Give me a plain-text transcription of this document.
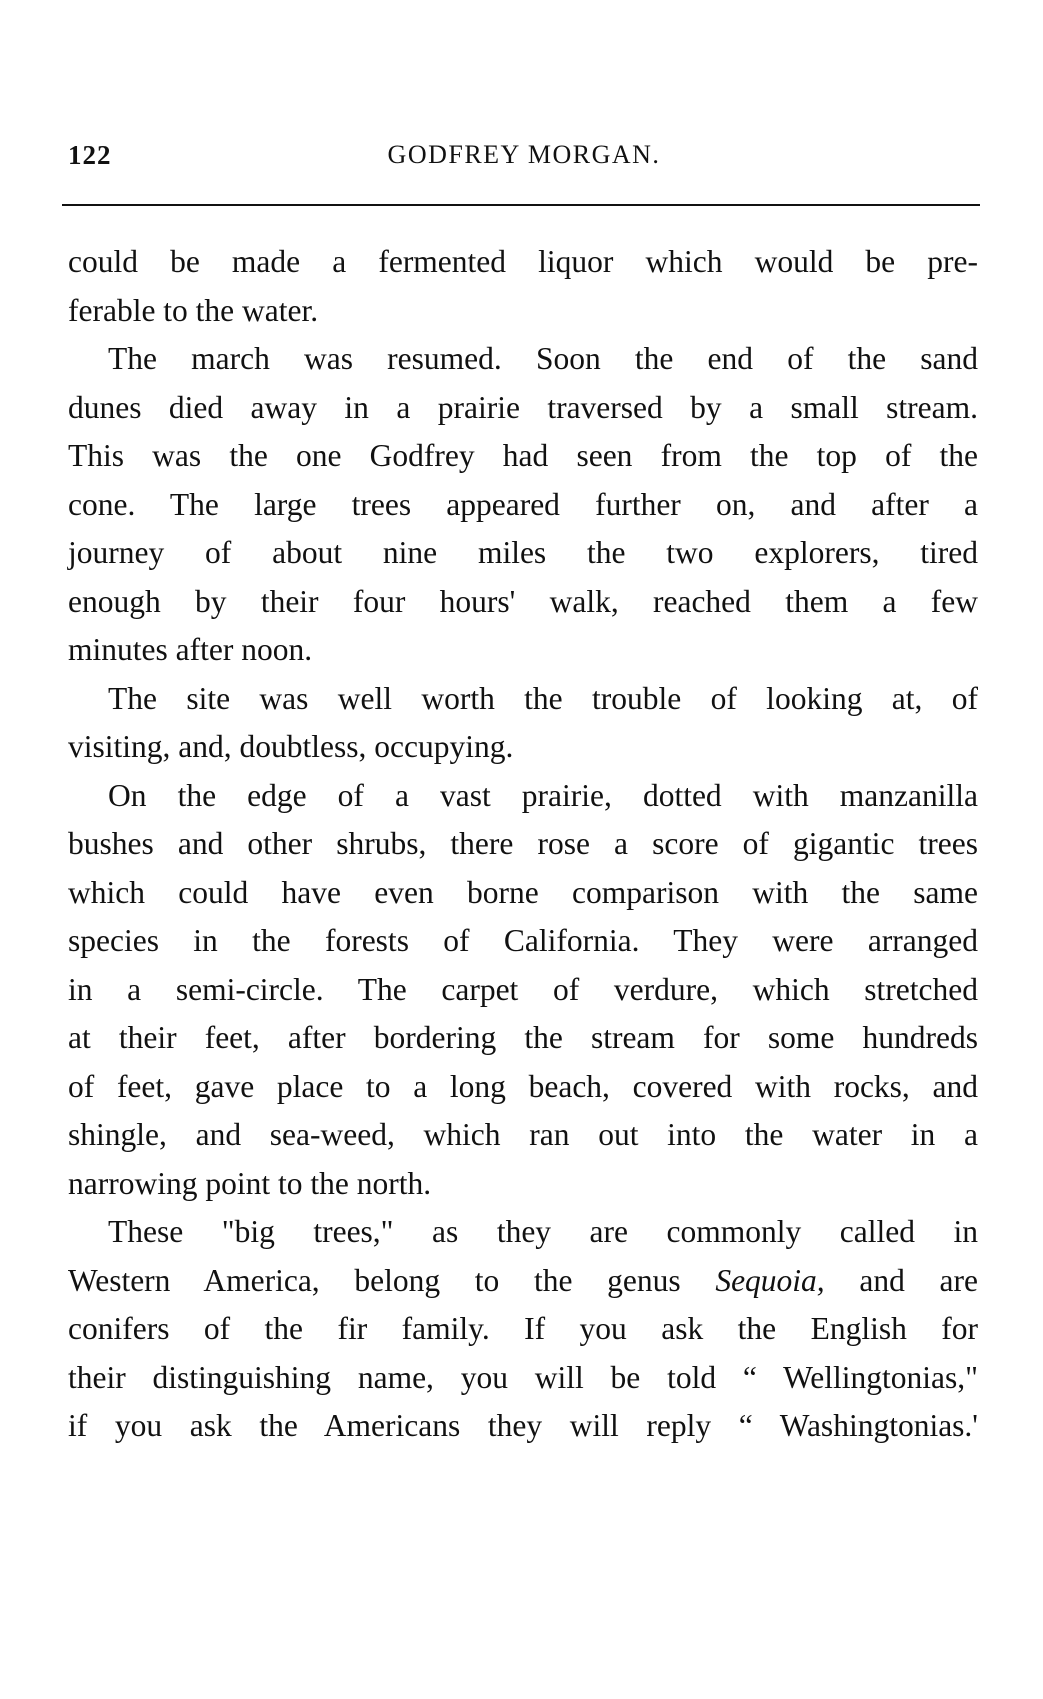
122	GODFREY MORGAN.
could be made a fermented liquor which would be pre-
ferable to the water.
The march was resumed. Soon the end of the sand
dunes died away in a prairie traversed by a small stream.
This was the one Godfrey had seen from the top of the
cone. The large trees appeared further on, and after a
journey of about nine miles the two explorers, tired
enough by their four hours' walk, reached them a few
minutes after noon.
The site was well worth the trouble of looking at, of
visiting, and, doubtless, occupying.
On the edge of a vast prairie, dotted with manzanilla
bushes and other shrubs, there rose a score of gigantic trees
which could have even borne comparison with the same
species in the forests of California. They were arranged
in a semi-circle. The carpet of verdure, which stretched
at their feet, after bordering the stream for some hundreds
of feet, gave place to a long beach, covered with rocks, and
shingle, and sea-weed, which ran out into the water in a
narrowing point to the north.
These "big trees," as they are commonly called in
Western America, belong to the genus Sequoia, and are
conifers of the fir family. If you ask the English for
their distinguishing name, you will be told “ Wellingtonias,"
if you ask the Americans they will reply “ Washingtonias.'
